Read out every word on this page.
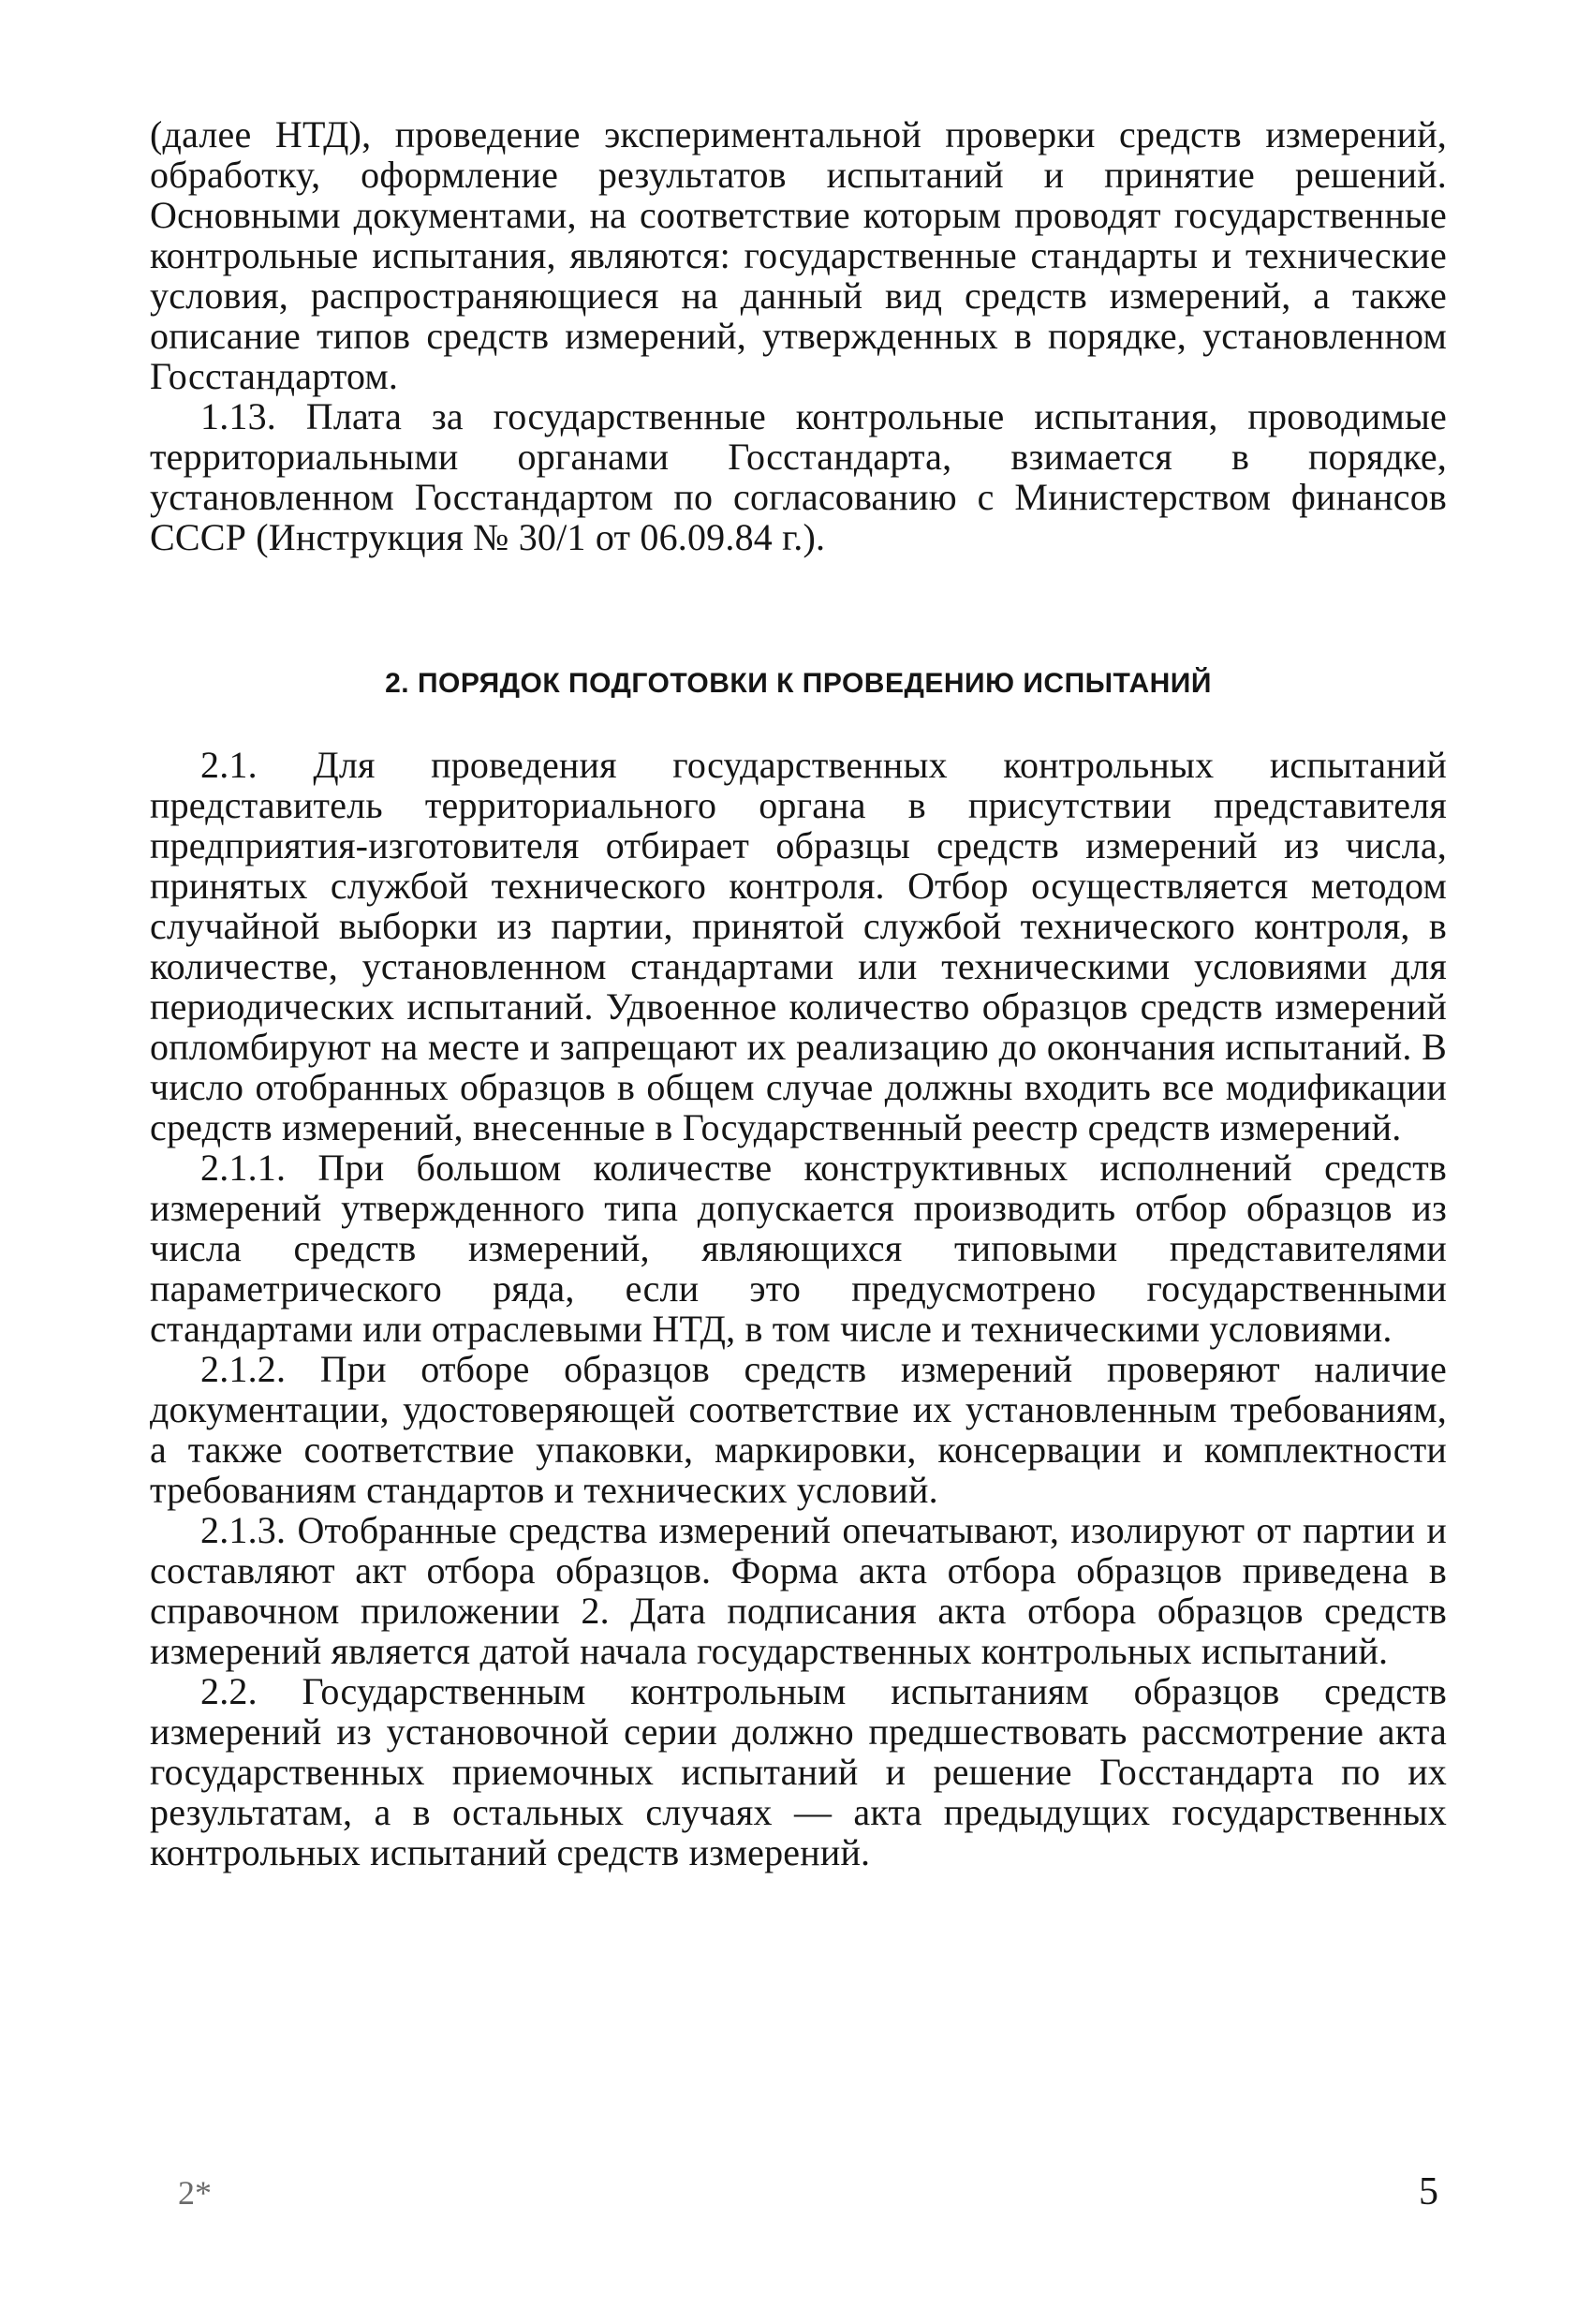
(далее НТД), проведение экспериментальной проверки средств измерений, обработку, оформление результатов испытаний и принятие решений. Основными документами, на соответствие которым проводят государственные контрольные испытания, являются: государственные стандарты и технические условия, распространяющиеся на данный вид средств измерений, а также описание типов средств измерений, утвержденных в порядке, установленном Госстандартом.

1.13. Плата за государственные контрольные испытания, проводимые территориальными органами Госстандарта, взимается в порядке, установленном Госстандартом по согласованию с Министерством финансов СССР (Инструкция № 30/1 от 06.09.84 г.).

2. ПОРЯДОК ПОДГОТОВКИ К ПРОВЕДЕНИЮ ИСПЫТАНИЙ

2.1. Для проведения государственных контрольных испытаний представитель территориального органа в присутствии представителя предприятия-изготовителя отбирает образцы средств измерений из числа, принятых службой технического контроля. Отбор осуществляется методом случайной выборки из партии, принятой службой технического контроля, в количестве, установленном стандартами или техническими условиями для периодических испытаний. Удвоенное количество образцов средств измерений опломбируют на месте и запрещают их реализацию до окончания испытаний. В число отобранных образцов в общем случае должны входить все модификации средств измерений, внесенные в Государственный реестр средств измерений.

2.1.1. При большом количестве конструктивных исполнений средств измерений утвержденного типа допускается производить отбор образцов из числа средств измерений, являющихся типовыми представителями параметрического ряда, если это предусмотрено государственными стандартами или отраслевыми НТД, в том числе и техническими условиями.

2.1.2. При отборе образцов средств измерений проверяют наличие документации, удостоверяющей соответствие их установленным требованиям, а также соответствие упаковки, маркировки, консервации и комплектности требованиям стандартов и технических условий.

2.1.3. Отобранные средства измерений опечатывают, изолируют от партии и составляют акт отбора образцов. Форма акта отбора образцов приведена в справочном приложении 2. Дата подписания акта отбора образцов средств измерений является датой начала государственных контрольных испытаний.

2.2. Государственным контрольным испытаниям образцов средств измерений из установочной серии должно предшествовать рассмотрение акта государственных приемочных испытаний и решение Госстандарта по их результатам, а в остальных случаях — акта предыдущих государственных контрольных испытаний средств измерений.

2*	5
